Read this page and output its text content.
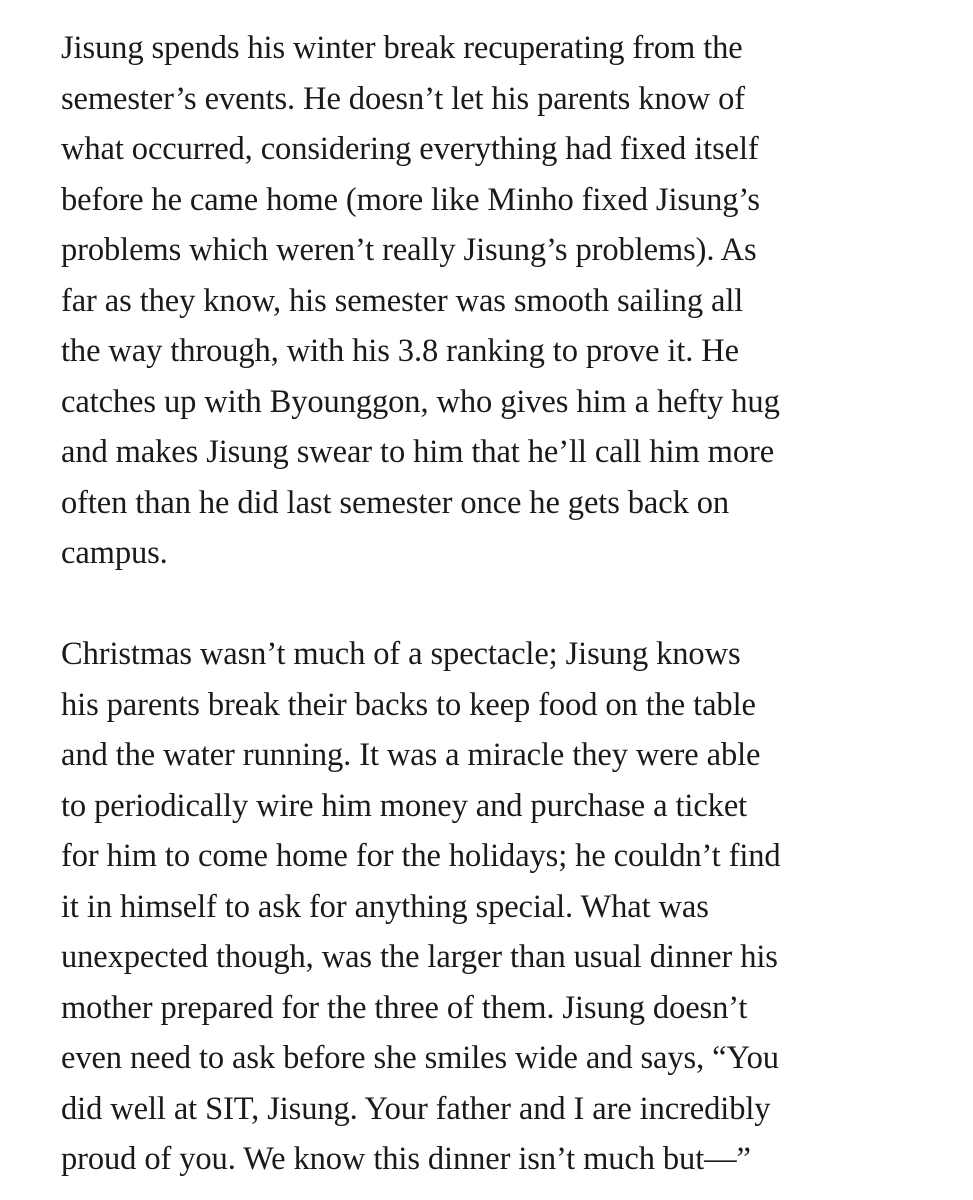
Jisung spends his winter break recuperating from the
semester’s events. He doesn’t let his parents know of
what occurred, considering everything had fixed itself
before he came home (more like Minho fixed Jisung’s
problems which weren’t really Jisung’s problems). As
far as they know, his semester was smooth sailing all
the way through, with his 3.8 ranking to prove it. He
catches up with Byounggon, who gives him a hefty hug
and makes Jisung swear to him that he’ll call him more
often than he did last semester once he gets back on
campus.

Christmas wasn’t much of a spectacle; Jisung knows
his parents break their backs to keep food on the table
and the water running. It was a miracle they were able
to periodically wire him money and purchase a ticket
for him to come home for the holidays; he couldn’t find
it in himself to ask for anything special. What was
unexpected though, was the larger than usual dinner his
mother prepared for the three of them. Jisung doesn’t
even need to ask before she smiles wide and says, “You
did well at SIT, Jisung. Your father and I are incredibly
proud of you. We know this dinner isn’t much but—”
